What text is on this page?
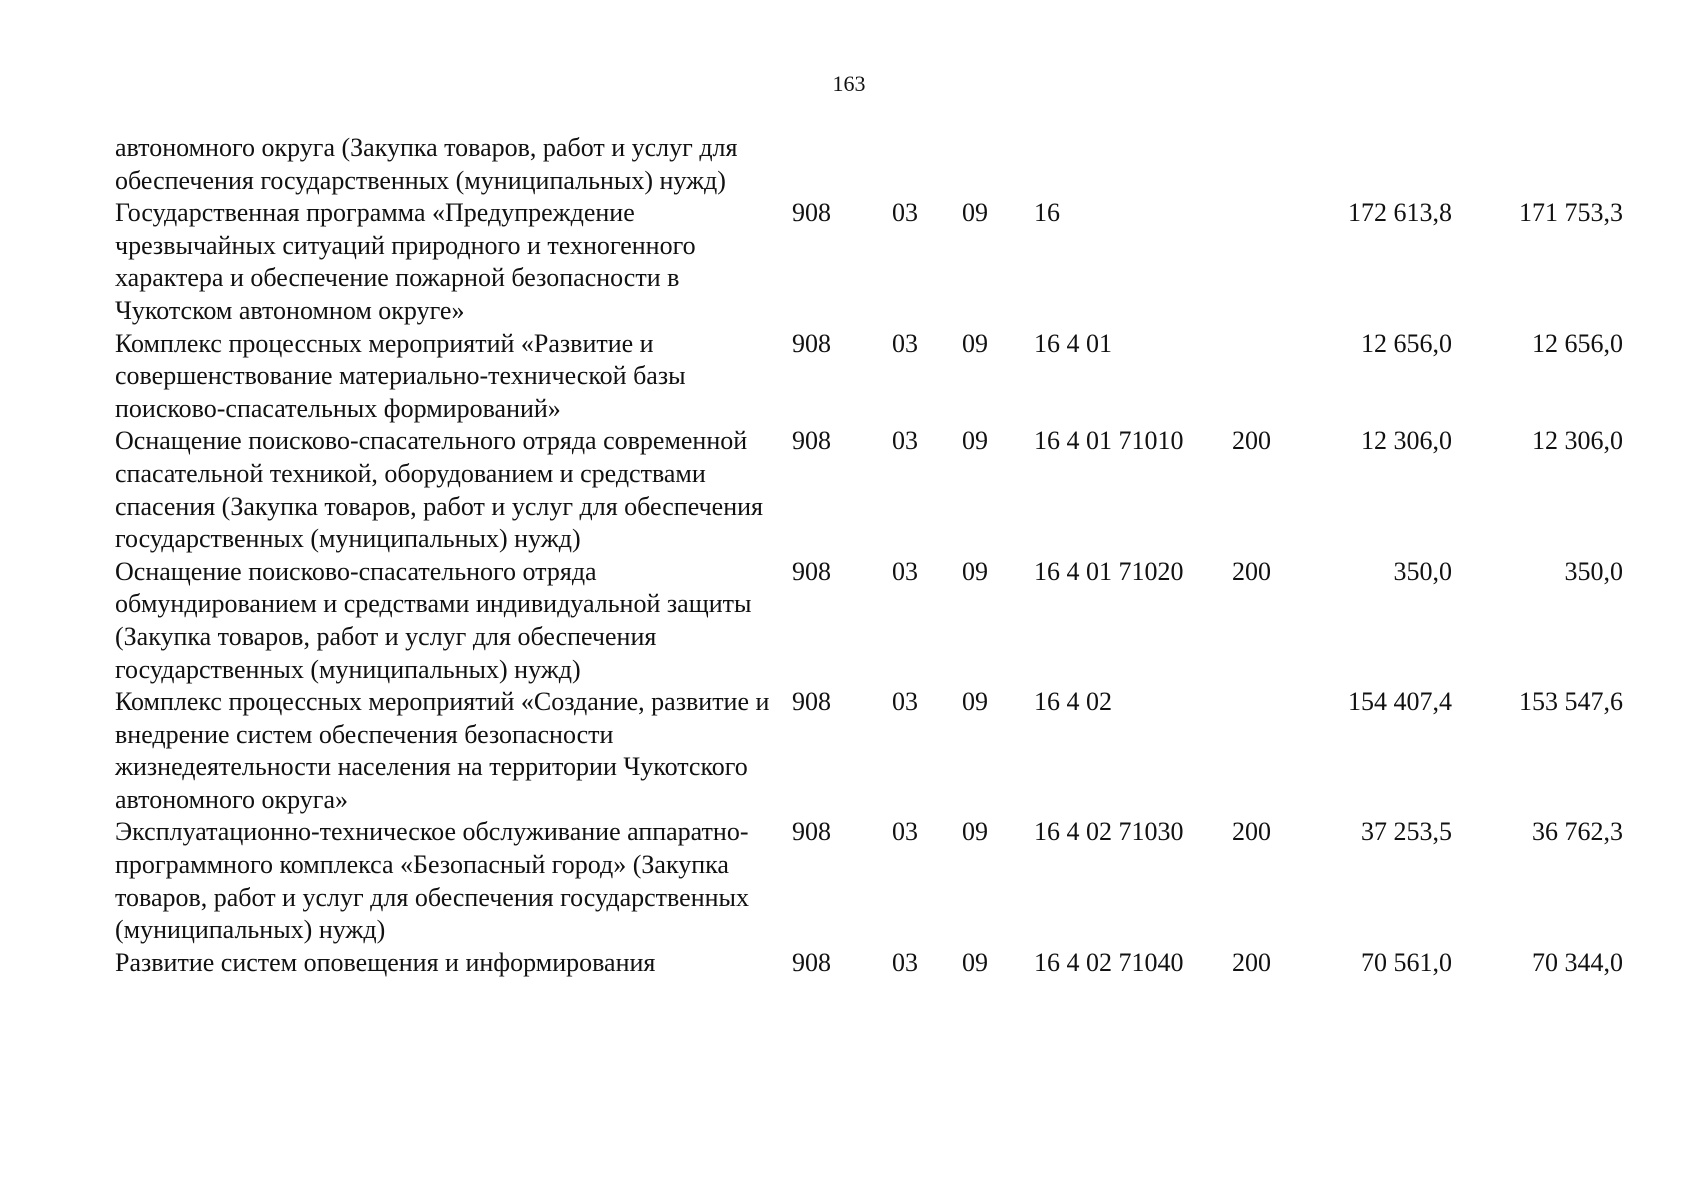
163
автономного округа (Закупка товаров, работ и услуг для обеспечения государственных (муниципальных) нужд)							
Государственная программа «Предупреждение чрезвычайных ситуаций природного и техногенного характера и обеспечение пожарной безопасности в Чукотском автономном округе»	908	03	09	16		172 613,8	171 753,3
Комплекс процессных мероприятий «Развитие и совершенствование материально-технической базы поисково-спасательных формирований»	908	03	09	16 4 01		12 656,0	12 656,0
Оснащение поисково-спасательного отряда современной спасательной техникой, оборудованием и средствами спасения (Закупка товаров, работ и услуг для обеспечения государственных (муниципальных) нужд)	908	03	09	16 4 01 71010	200	12 306,0	12 306,0
Оснащение поисково-спасательного отряда обмундированием и средствами индивидуальной защиты (Закупка товаров, работ и услуг для обеспечения государственных (муниципальных) нужд)	908	03	09	16 4 01 71020	200	350,0	350,0
Комплекс процессных мероприятий «Создание, развитие и внедрение систем обеспечения безопасности жизнедеятельности населения на территории Чукотского автономного округа»	908	03	09	16 4 02		154 407,4	153 547,6
Эксплуатационно-техническое обслуживание аппаратно-программного комплекса «Безопасный город» (Закупка товаров, работ и услуг для обеспечения государственных (муниципальных) нужд)	908	03	09	16 4 02 71030	200	37 253,5	36 762,3
Развитие систем оповещения и информирования	908	03	09	16 4 02 71040	200	70 561,0	70 344,0
